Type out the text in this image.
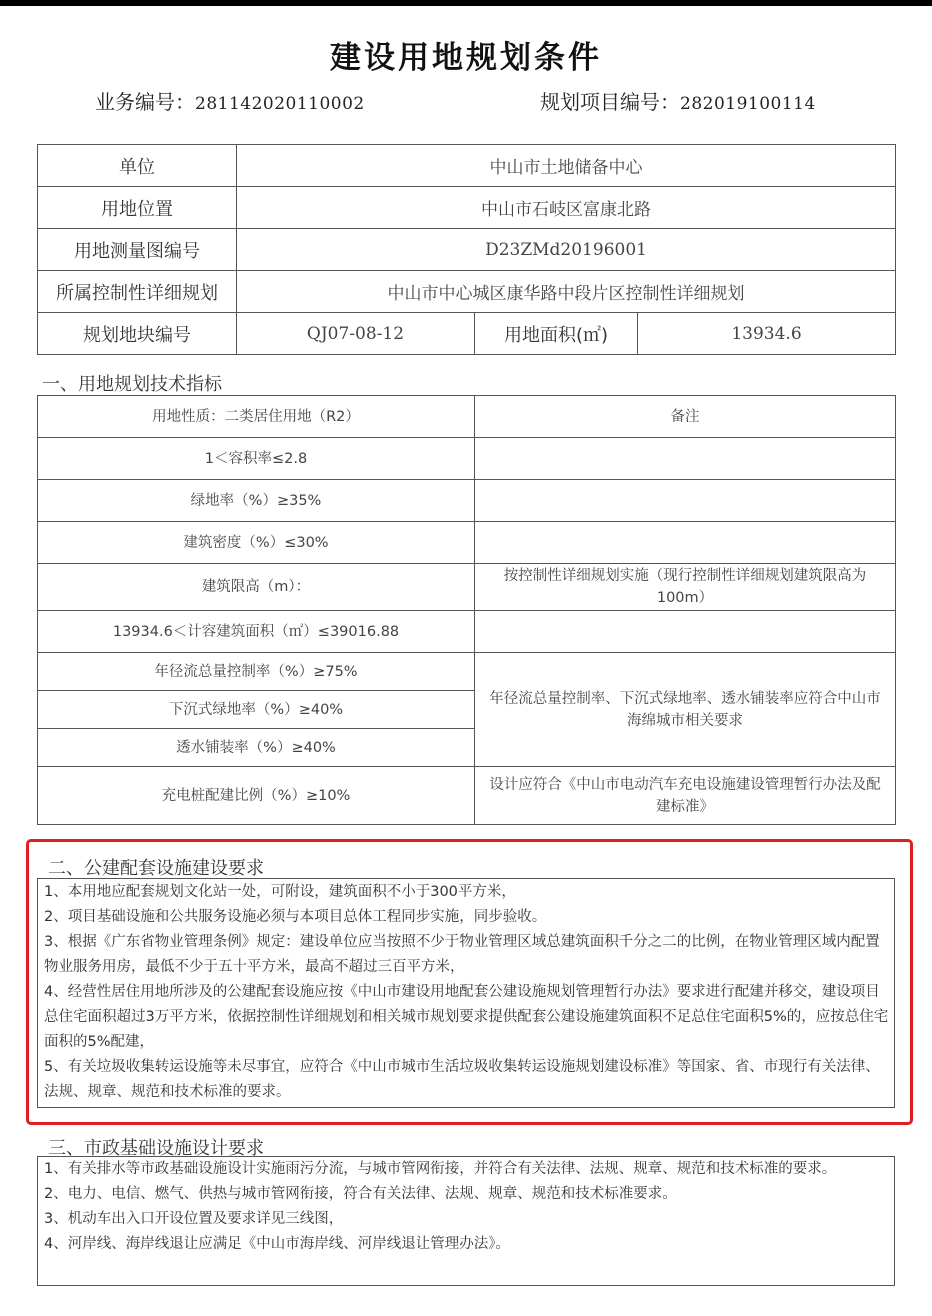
建设用地规划条件
业务编号：281142020110002	规划项目编号：282019100114
单位	中山市土地储备中心		
用地位置	中山市石岐区富康北路		
用地测量图编号	D23ZMd20196001		
所属控制性详细规划	中山市中心城区康华路中段片区控制性详细规划		
规划地块编号	QJ07-08-12	用地面积(㎡)	13934.6
一、用地规划技术指标
用地性质：二类居住用地（R2）	备注
1＜容积率≤2.8	
绿地率（%）≥35%	
建筑密度（%）≤30%	
建筑限高（m）：	按控制性详细规划实施（现行控制性详细规划建筑限高为100m）
13934.6＜计容建筑面积（㎡）≤39016.88	
年径流总量控制率（%）≥75%	年径流总量控制率、下沉式绿地率、透水铺装率应符合中山市海绵城市相关要求
下沉式绿地率（%）≥40%	
透水铺装率（%）≥40%	
充电桩配建比例（%）≥10%	设计应符合《中山市电动汽车充电设施建设管理暂行办法及配建标准》
二、公建配套设施建设要求

1、本用地应配套规划文化站一处，可附设，建筑面积不小于300平方米，

2、项目基础设施和公共服务设施必须与本项目总体工程同步实施，同步验收。

3、根据《广东省物业管理条例》规定：建设单位应当按照不少于物业管理区域总建筑面积千分之二的比例，在物业管理区域内配置物业服务用房，最低不少于五十平方米，最高不超过三百平方米，

4、经营性居住用地所涉及的公建配套设施应按《中山市建设用地配套公建设施规划管理暂行办法》要求进行配建并移交，建设项目总住宅面积超过3万平方米，依据控制性详细规划和相关城市规划要求提供配套公建设施建筑面积不足总住宅面积5%的，应按总住宅面积的5%配建，

5、有关垃圾收集转运设施等未尽事宜，应符合《中山市城市生活垃圾收集转运设施规划建设标准》等国家、省、市现行有关法律、法规、规章、规范和技术标准的要求。

三、市政基础设施设计要求

1、有关排水等市政基础设施设计实施雨污分流，与城市管网衔接，并符合有关法律、法规、规章、规范和技术标准的要求。

2、电力、电信、燃气、供热与城市管网衔接，符合有关法律、法规、规章、规范和技术标准要求。

3、机动车出入口开设位置及要求详见三线图，

4、河岸线、海岸线退让应满足《中山市海岸线、河岸线退让管理办法》。
